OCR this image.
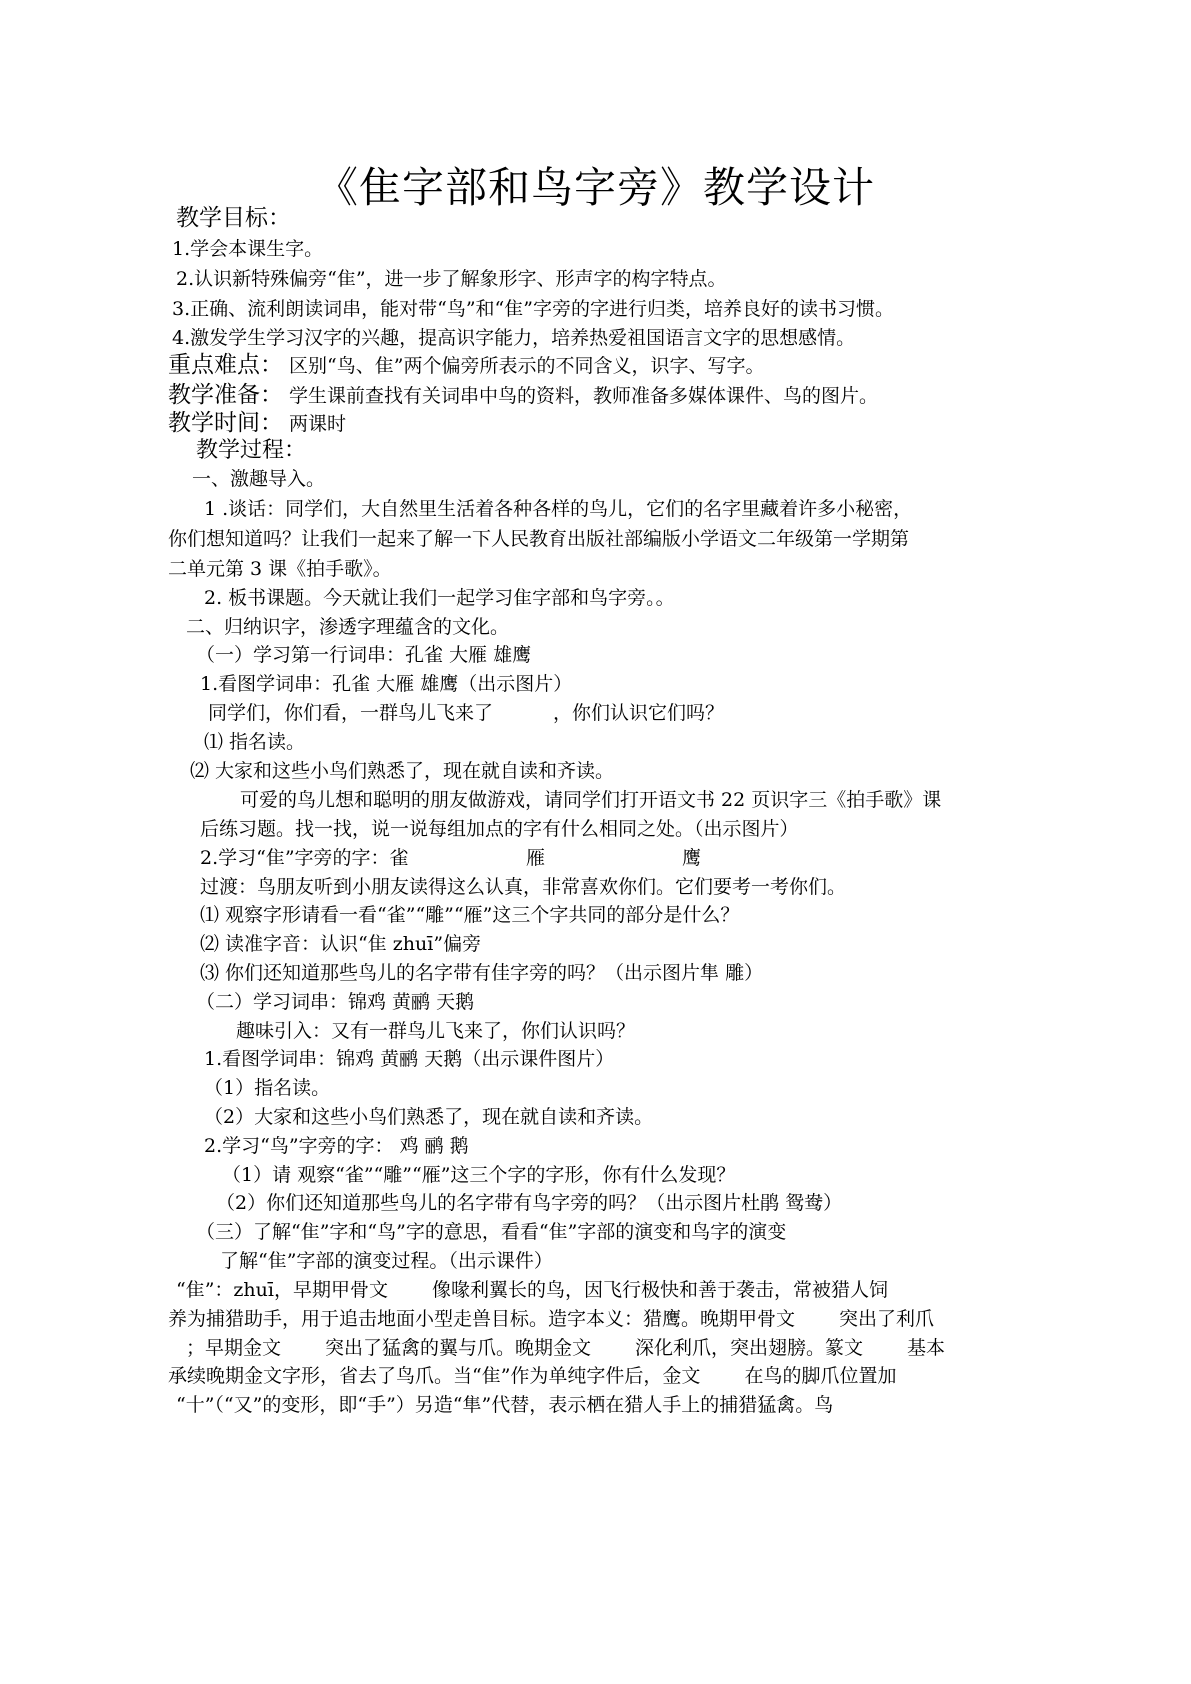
《隹字部和鸟字旁》教学设计
教学目标：
1.学会本课生字。
2.认识新特殊偏旁“隹”，进一步了解象形字、形声字的构字特点。
3.正确、流利朗读词串，能对带“鸟”和“隹”字旁的字进行归类，培养良好的读书习惯。
4.激发学生学习汉字的兴趣，提高识字能力，培养热爱祖国语言文字的思想感情。
重点难点： 区别“鸟、隹”两个偏旁所表示的不同含义，识字、写字。
教学准备： 学生课前查找有关词串中鸟的资料，教师准备多媒体课件、鸟的图片。
教学时间： 两课时
教学过程：
一、激趣导入。
1 .谈话：同学们，大自然里生活着各种各样的鸟儿，它们的名字里藏着许多小秘密，
你们想知道吗？让我们一起来了解一下人民教育出版社部编版小学语文二年级第一学期第
二单元第 3 课《拍手歌》。
2. 板书课题。今天就让我们一起学习隹字部和鸟字旁。。
二、归纳识字，渗透字理蕴含的文化。
（一）学习第一行词串：孔雀 大雁 雄鹰
1.看图学词串：孔雀 大雁 雄鹰（出示图片）
同学们，你们看，一群鸟儿飞来了	，你们认识它们吗？
⑴ 指名读。
⑵ 大家和这些小鸟们熟悉了，现在就自读和齐读。
可爱的鸟儿想和聪明的朋友做游戏，请同学们打开语文书 22 页识字三《拍手歌》课
后练习题。找一找，说一说每组加点的字有什么相同之处。（出示图片）
2.学习“隹”字旁的字：雀	雁	鹰
过渡：鸟朋友听到小朋友读得这么认真，非常喜欢你们。它们要考一考你们。
⑴ 观察字形请看一看“雀”“雕”“雁”这三个字共同的部分是什么？
⑵ 读准字音：认识“隹 zhuī”偏旁
⑶ 你们还知道那些鸟儿的名字带有佳字旁的吗？（出示图片隼 雕）
（二）学习词串：锦鸡 黄鹂 天鹅
趣味引入：又有一群鸟儿飞来了，你们认识吗？
1.看图学词串：锦鸡 黄鹂 天鹅（出示课件图片）
（1）指名读。
（2）大家和这些小鸟们熟悉了，现在就自读和齐读。
2.学习“鸟”字旁的字： 鸡 鹂 鹅
（1）请 观察“雀”“雕”“雁”这三个字的字形，你有什么发现？
（2）你们还知道那些鸟儿的名字带有鸟字旁的吗？（出示图片杜鹃 鸳鸯）
（三）了解“隹”字和“鸟”字的意思，看看“隹”字部的演变和鸟字的演变
了解“隹”字部的演变过程。（出示课件）
“隹”：zhuī，早期甲骨文 像喙利翼长的鸟，因飞行极快和善于袭击，常被猎人饲
养为捕猎助手，用于追击地面小型走兽目标。造字本义：猎鹰。晚期甲骨文 突出了利爪
；早期金文 突出了猛禽的翼与爪。晚期金文 深化利爪，突出翅膀。篆文 基本
承续晚期金文字形，省去了鸟爪。当“隹”作为单纯字件后，金文 在鸟的脚爪位置加
“十”（“又”的变形，即“手”）另造“隼”代替，表示栖在猎人手上的捕猎猛禽。鸟
